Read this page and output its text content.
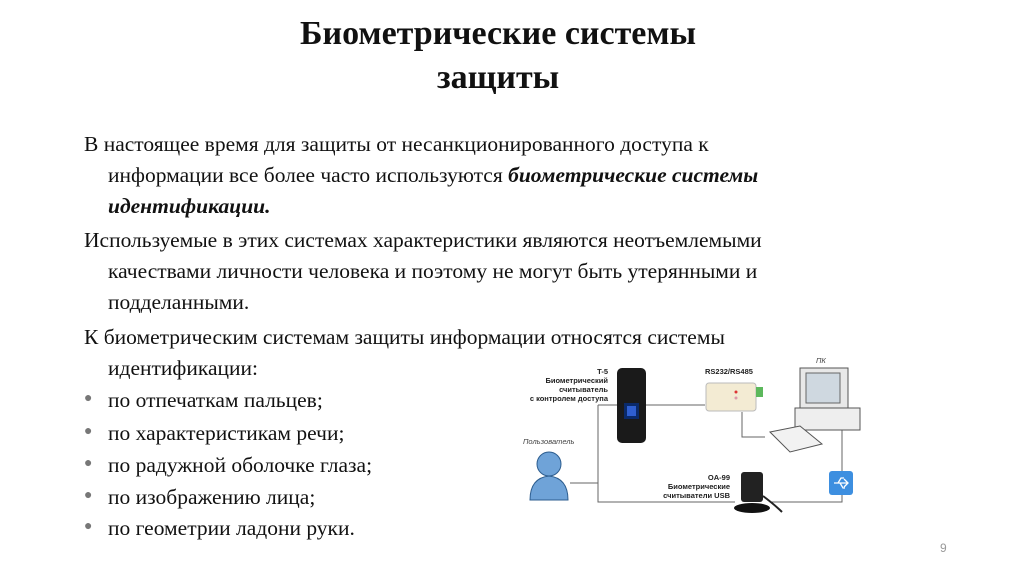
Биометрические системы
защиты
В настоящее время для защиты от несанкционированного доступа к
информации все более часто используются биометрические системы
идентификации.
Используемые в этих системах характеристики являются неотъемлемыми
качествами личности человека и поэтому не могут быть утерянными и
подделанными.
К биометрическим системам защиты информации относятся системы
идентификации:
● по отпечаткам пальцев;
● по характеристикам речи;
● по радужной оболочке глаза;
● по изображению лица;
● по геометрии ладони руки.
T-5
Биометрический
считыватель
с контролем доступа
RS232/RS485
ПК
Пользователь
OA-99
Биометрические
считыватели USB
9
